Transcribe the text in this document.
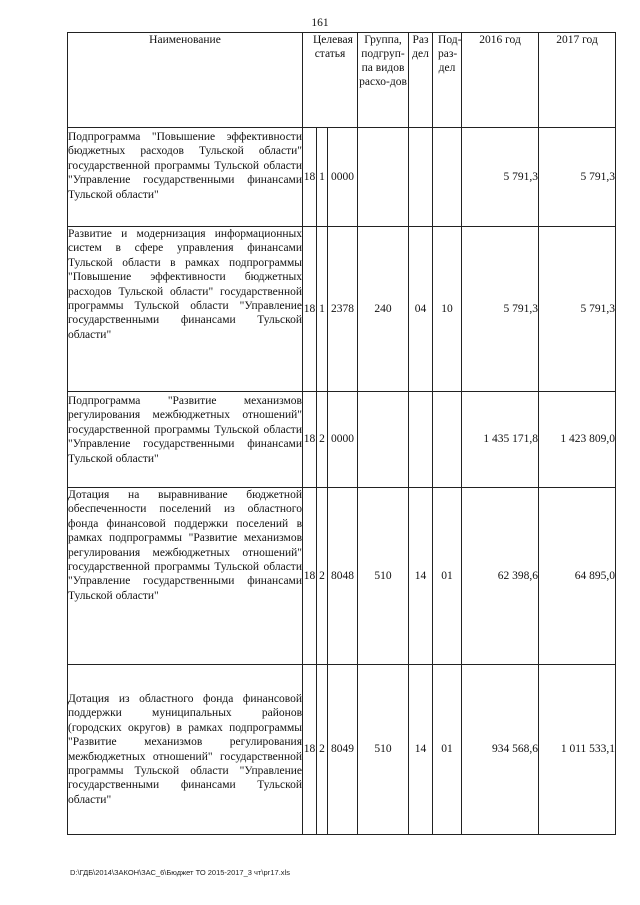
161
Наименование	Целевая статья			Группа, подгруп-па видов расхо-дов	Раз дел	Под-раз-дел	2016 год	2017 год
Подпрограмма "Повышение эффективности бюджетных расходов Тульской области" государственной программы Тульской области "Управление государственными финансами Тульской области"	18	1	0000				5 791,3	5 791,3
Развитие и модернизация информационных систем в сфере управления финансами Тульской области в рамках подпрограммы "Повышение эффективности бюджетных расходов Тульской области" государственной программы Тульской области "Управление государственными финансами Тульской области"	18	1	2378	240	04	10	5 791,3	5 791,3
Подпрограмма "Развитие механизмов регулирования межбюджетных отношений" государственной программы Тульской области "Управление государственными финансами Тульской области"	18	2	0000				1 435 171,8	1 423 809,0
Дотация на выравнивание бюджетной обеспеченности поселений из областного фонда финансовой поддержки поселений в рамках подпрограммы "Развитие механизмов регулирования межбюджетных отношений" государственной программы Тульской области "Управление государственными финансами Тульской области"	18	2	8048	510	14	01	62 398,6	64 895,0
Дотация из областного фонда финансовой поддержки муниципальных районов (городских округов) в рамках подпрограммы "Развитие механизмов регулирования межбюджетных отношений" государственной программы Тульской области "Управление государственными финансами Тульской области"	18	2	8049	510	14	01	934 568,6	1 011 533,1
D:\ГДБ\2014\ЗАКОН\ЗАС_6\Бюджет ТО 2015-2017_3 чт\рг17.xls
